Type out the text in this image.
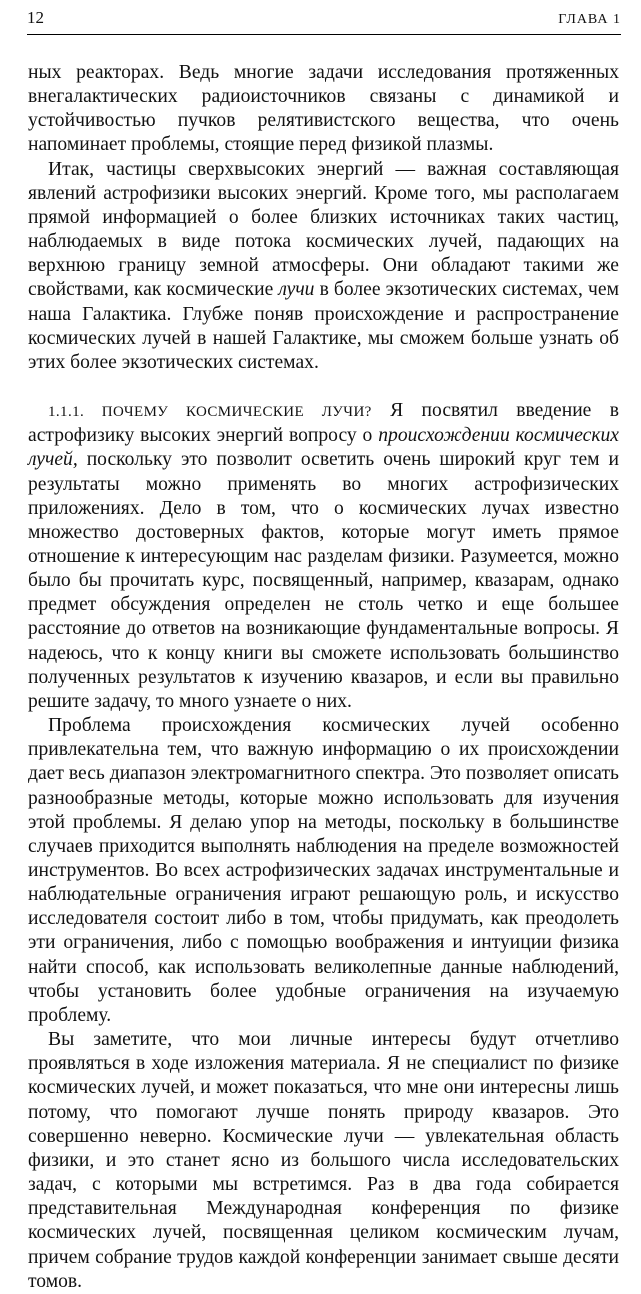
12	ГЛАВА 1

ных реакторах. Ведь многие задачи исследования протяженных внегалактических радиоисточников связаны с динамикой и устойчивостью пучков релятивистского вещества, что очень напоминает проблемы, стоящие перед физикой плазмы.

Итак, частицы сверхвысоких энергий — важная составляющая явлений астрофизики высоких энергий. Кроме того, мы располагаем прямой информацией о более близких источниках таких частиц, наблюдаемых в виде потока космических лучей, падающих на верхнюю границу земной атмосферы. Они обладают такими же свойствами, как космические лучи в более экзотических системах, чем наша Галактика. Глубже поняв происхождение и распространение космических лучей в нашей Галактике, мы сможем больше узнать об этих более экзотических системах.

1.1.1. ПОЧЕМУ КОСМИЧЕСКИЕ ЛУЧИ? Я посвятил введение в астрофизику высоких энергий вопросу о происхождении космических лучей, поскольку это позволит осветить очень широкий круг тем и результаты можно применять во многих астрофизических приложениях. Дело в том, что о космических лучах известно множество достоверных фактов, которые могут иметь прямое отношение к интересующим нас разделам физики. Разумеется, можно было бы прочитать курс, посвященный, например, квазарам, однако предмет обсуждения определен не столь четко и еще большее расстояние до ответов на возникающие фундаментальные вопросы. Я надеюсь, что к концу книги вы сможете использовать большинство полученных результатов к изучению квазаров, и если вы правильно решите задачу, то много узнаете о них.

Проблема происхождения космических лучей особенно привлекательна тем, что важную информацию о их происхождении дает весь диапазон электромагнитного спектра. Это позволяет описать разнообразные методы, которые можно использовать для изучения этой проблемы. Я делаю упор на методы, поскольку в большинстве случаев приходится выполнять наблюдения на пределе возможностей инструментов. Во всех астрофизических задачах инструментальные и наблюдательные ограничения играют решающую роль, и искусство исследователя состоит либо в том, чтобы придумать, как преодолеть эти ограничения, либо с помощью воображения и интуиции физика найти способ, как использовать великолепные данные наблюдений, чтобы установить более удобные ограничения на изучаемую проблему.

Вы заметите, что мои личные интересы будут отчетливо проявляться в ходе изложения материала. Я не специалист по физике космических лучей, и может показаться, что мне они интересны лишь потому, что помогают лучше понять природу квазаров. Это совершенно неверно. Космические лучи — увлекательная область физики, и это станет ясно из большого числа исследовательских задач, с которыми мы встретимся. Раз в два года собирается представительная Международная конференция по физике космических лучей, посвященная целиком космическим лучам, причем собрание трудов каждой конференции занимает свыше десяти томов.
